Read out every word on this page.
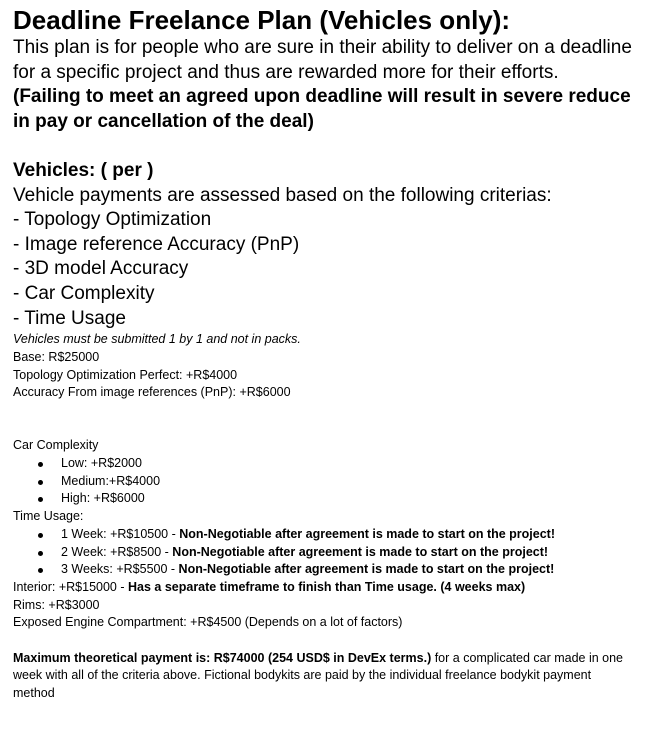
Deadline Freelance Plan (Vehicles only):

This plan is for people who are sure in their ability to deliver on a deadline for a specific project and thus are rewarded more for their efforts.

(Failing to meet an agreed upon deadline will result in severe reduce in pay or cancellation of the deal)

Vehicles: ( per )

Vehicle payments are assessed based on the following criterias:

- Topology Optimization

- Image reference Accuracy (PnP)

- 3D model Accuracy

- Car Complexity

- Time Usage

Vehicles must be submitted 1 by 1 and not in packs.

Base: R$25000

Topology Optimization Perfect: +R$4000

Accuracy From image references (PnP): +R$6000

Car Complexity

Low: +R$2000
Medium:+R$4000
High: +R$6000

Time Usage:

1 Week: +R$10500 - Non-Negotiable after agreement is made to start on the project!
2 Week: +R$8500 - Non-Negotiable after agreement is made to start on the project!
3 Weeks: +R$5500 - Non-Negotiable after agreement is made to start on the project!

Interior: +R$15000 - Has a separate timeframe to finish than Time usage. (4 weeks max)

Rims: +R$3000

Exposed Engine Compartment: +R$4500 (Depends on a lot of factors)

Maximum theoretical payment is: R$74000 (254 USD$ in DevEx terms.) for a complicated car made in one week with all of the criteria above. Fictional bodykits are paid by the individual freelance bodykit payment method
